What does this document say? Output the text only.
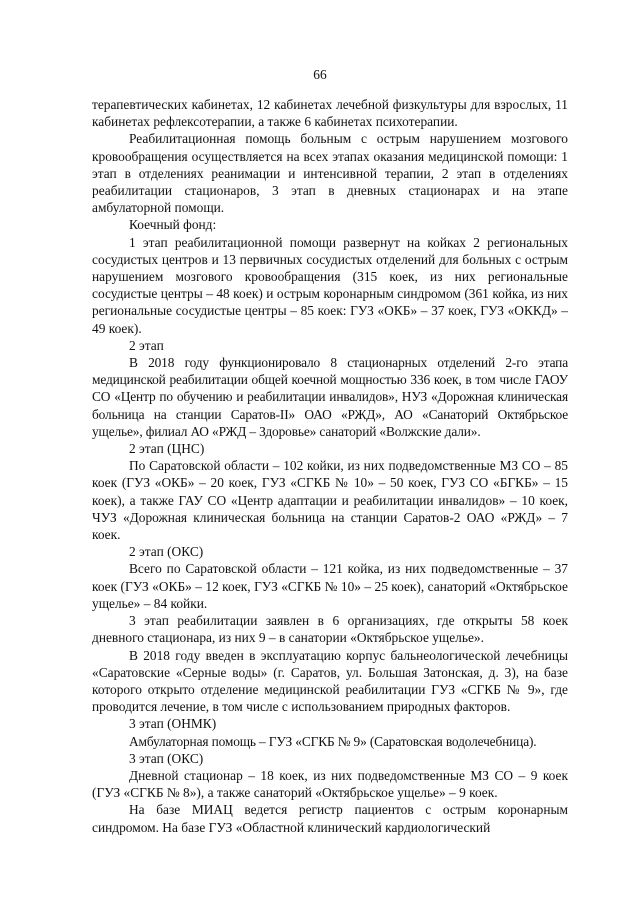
66

терапевтических кабинетах, 12 кабинетах лечебной физкультуры для взрослых, 11 кабинетах рефлексотерапии, а также 6 кабинетах психотерапии.

Реабилитационная помощь больным с острым нарушением мозгового кровообращения осуществляется на всех этапах оказания медицинской помощи: 1 этап в отделениях реанимации и интенсивной терапии, 2 этап в отделениях реабилитации стационаров, 3 этап в дневных стационарах и на этапе амбулаторной помощи.

Коечный фонд:

1 этап реабилитационной помощи развернут на койках 2 региональных сосудистых центров и 13 первичных сосудистых отделений для больных с острым нарушением мозгового кровообращения (315 коек, из них региональные сосудистые центры – 48 коек) и острым коронарным синдромом (361 койка, из них региональные сосудистые центры – 85 коек: ГУЗ «ОКБ» – 37 коек, ГУЗ «ОККД» – 49 коек).

2 этап

В 2018 году функционировало 8 стационарных отделений 2-го этапа медицинской реабилитации общей коечной мощностью 336 коек, в том числе ГАОУ СО «Центр по обучению и реабилитации инвалидов», НУЗ «Дорожная клиническая больница на станции Саратов-II» ОАО «РЖД», АО «Санаторий Октябрьское ущелье», филиал АО «РЖД – Здоровье» санаторий «Волжские дали».

2 этап (ЦНС)

По Саратовской области – 102 койки, из них подведомственные МЗ СО – 85 коек (ГУЗ «ОКБ» – 20 коек, ГУЗ «СГКБ № 10» – 50 коек, ГУЗ СО «БГКБ» – 15 коек), а также ГАУ СО «Центр адаптации и реабилитации инвалидов» – 10 коек, ЧУЗ «Дорожная клиническая больница на станции Саратов-2 ОАО «РЖД» – 7 коек.

2 этап (ОКС)

Всего по Саратовской области – 121 койка, из них подведомственные – 37 коек (ГУЗ «ОКБ» – 12 коек, ГУЗ «СГКБ № 10» – 25 коек), санаторий «Октябрьское ущелье» – 84 койки.

3 этап реабилитации заявлен в 6 организациях, где открыты 58 коек дневного стационара, из них 9 – в санатории «Октябрьское ущелье».

В 2018 году введен в эксплуатацию корпус бальнеологической лечебницы «Саратовские «Серные воды» (г. Саратов, ул. Большая Затонская, д. 3), на базе которого открыто отделение медицинской реабилитации ГУЗ «СГКБ № 9», где проводится лечение, в том числе с использованием природных факторов.

3 этап (ОНМК)

Амбулаторная помощь – ГУЗ «СГКБ № 9» (Саратовская водолечебница).

3 этап (ОКС)

Дневной стационар – 18 коек, из них подведомственные МЗ СО – 9 коек (ГУЗ «СГКБ № 8»), а также санаторий «Октябрьское ущелье» – 9 коек.

На базе МИАЦ ведется регистр пациентов с острым коронарным синдромом. На базе ГУЗ «Областной клинический кардиологический
